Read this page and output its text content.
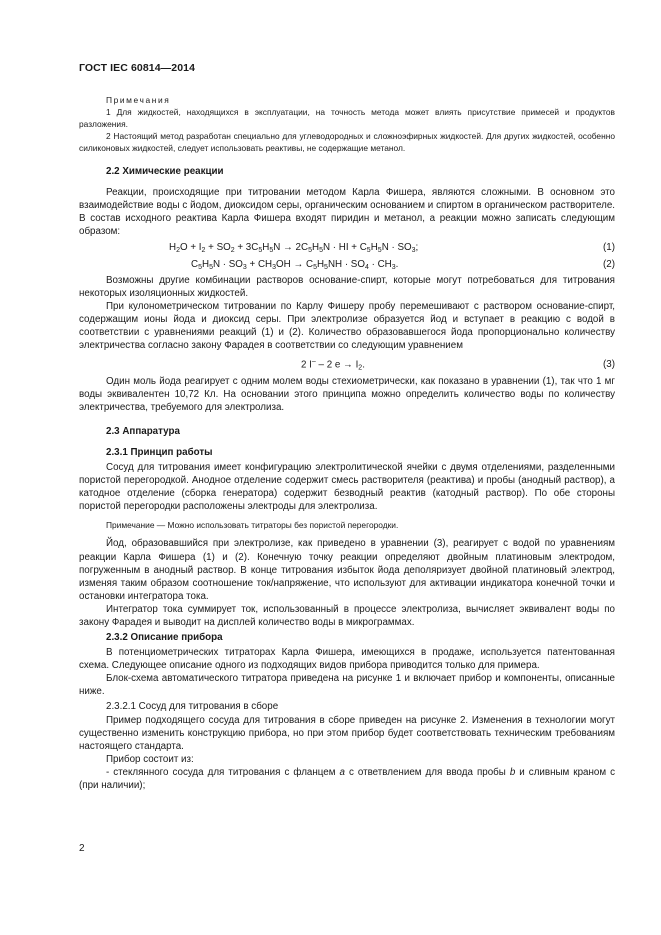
ГОСТ IEC 60814—2014

Примечания

1 Для жидкостей, находящихся в эксплуатации, на точность метода может влиять присутствие примесей и продуктов разложения.

2 Настоящий метод разработан специально для углеводородных и сложноэфирных жидкостей. Для других жидкостей, особенно силиконовых жидкостей, следует использовать реактивы, не содержащие метанол.

2.2 Химические реакции

Реакции, происходящие при титровании методом Карла Фишера, являются сложными. В основном это взаимодействие воды с йодом, диоксидом серы, органическим основанием и спиртом в органическом растворителе. В состав исходного реактива Карла Фишера входят пиридин и метанол, а реакции можно записать следующим образом:

$H_2O + I_2 + SO_2 + 3C_5H_5N \to 2C_5H_5N$ · HI + $C_5H_5N \cdot SO_3$;	(1)
$C_5H_5N \cdot SO_3 + CH_3OH \to C_5H_5NH \cdot SO_4 \cdot CH_3$.	(2)

Возможны другие комбинации растворов основание-спирт, которые могут потребоваться для титрования некоторых изоляционных жидкостей.

При кулонометрическом титровании по Карлу Фишеру пробу перемешивают с раствором основание-спирт, содержащим ионы йода и диоксид серы. При электролизе образуется йод и вступает в реакцию с водой в соответствии с уравнениями реакций (1) и (2). Количество образовавшегося йода пропорционально количеству электричества согласно закону Фарадея в соответствии со следующим уравнением

2 I– – 2 $e \to I_2$.	(3)

Один моль йода реагирует с одним молем воды стехиометрически, как показано в уравнении (1), так что 1 мг воды эквивалентен 10,72 Кл. На основании этого принципа можно определить количество воды по количеству электричества, требуемого для электролиза.

2.3 Аппаратура
2.3.1 Принцип работы

Сосуд для титрования имеет конфигурацию электролитической ячейки с двумя отделениями, разделенными пористой перегородкой. Анодное отделение содержит смесь растворителя (реактива) и пробы (анодный раствор), а катодное отделение (сборка генератора) содержит безводный реактив (катодный раствор). По обе стороны пористой перегородки расположены электроды для электролиза.

Примечание — Можно использовать титраторы без пористой перегородки.

Йод, образовавшийся при электролизе, как приведено в уравнении (3), реагирует с водой по уравнениям реакции Карла Фишера (1) и (2). Конечную точку реакции определяют двойным платиновым электродом, погруженным в анодный раствор. В конце титрования избыток йода деполяризует двойной платиновый электрод, изменяя таким образом соотношение ток/напряжение, что используют для активации индикатора конечной точки и остановки интегратора тока.

Интегратор тока суммирует ток, использованный в процессе электролиза, вычисляет эквивалент воды по закону Фарадея и выводит на дисплей количество воды в микрограммах.

2.3.2 Описание прибора

В потенциометрических титраторах Карла Фишера, имеющихся в продаже, используется патентованная схема. Следующее описание одного из подходящих видов прибора приводится только для примера.

Блок-схема автоматического титратора приведена на рисунке 1 и включает прибор и компоненты, описанные ниже.

2.3.2.1 Сосуд для титрования в сборе

Пример подходящего сосуда для титрования в сборе приведен на рисунке 2. Изменения в технологии могут существенно изменить конструкцию прибора, но при этом прибор будет соответствовать техническим требованиям настоящего стандарта.

Прибор состоит из:

- стеклянного сосуда для титрования с фланцем a с ответвлением для ввода пробы b и сливным краном c (при наличии);

2
